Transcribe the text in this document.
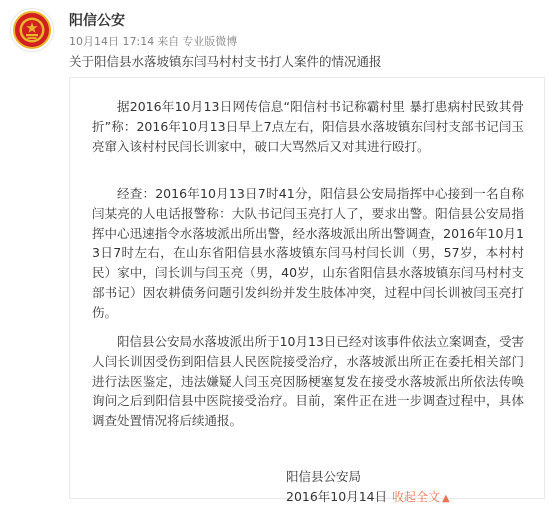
阳信公安
10月14日 17:14 来自 专业版微博
关于阳信县水落坡镇东闫马村村支书打人案件的情况通报

据2016年10月13日网传信息“阳信村书记称霸村里 暴打患病村民致其骨折”称：2016年10月13日早上7点左右，阳信县水落坡镇东闫村支部书记闫玉亮窜入该村村民闫长训家中，破口大骂然后又对其进行殴打。

经查：2016年10月13日7时41分，阳信县公安局指挥中心接到一名自称闫某亮的人电话报警称：大队书记闫玉亮打人了，要求出警。阳信县公安局指挥中心迅速指令水落坡派出所出警，经水落坡派出所出警调查，2016年10月13日7时左右，在山东省阳信县水落坡镇东闫马村闫长训（男，57岁，本村村民）家中，闫长训与闫玉亮（男，40岁，山东省阳信县水落坡镇东闫马村村支部书记）因农耕债务问题引发纠纷并发生肢体冲突，过程中闫长训被闫玉亮打伤。

阳信县公安局水落坡派出所于10月13日已经对该事件依法立案调查，受害人闫长训因受伤到阳信县人民医院接受治疗，水落坡派出所正在委托相关部门进行法医鉴定，违法嫌疑人闫玉亮因肠梗塞复发在接受水落坡派出所依法传唤询问之后到阳信县中医院接受治疗。目前，案件正在进一步调查过程中，具体调查处置情况将后续通报。

阳信县公安局
2016年10月14日 收起全文 ▲
